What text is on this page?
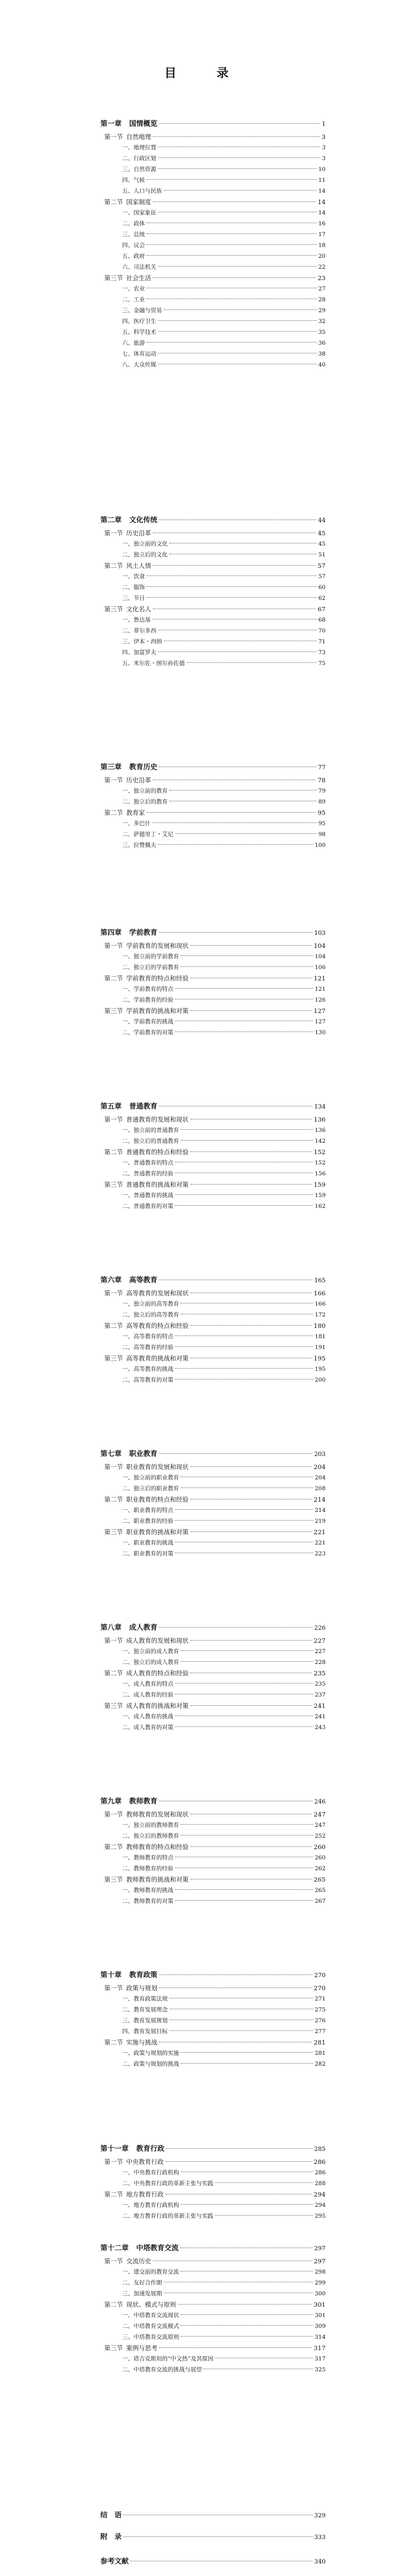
目　录
第一章 国情概览	1
第一节 自然地理	3
一、地理位置	3
二、行政区划	3
三、自然资源	10
四、气候	11
五、人口与民族	14
第二节 国家制度	14
一、国家象征	14
二、政体	16
三、总统	17
四、议会	18
五、政府	20
六、司法机关	22
第三节 社会生活	23
一、农业	27
二、工业	28
三、金融与贸易	29
四、医疗卫生	32
五、科学技术	35
六、旅游	36
七、体育运动	38
八、大众传媒	40
第二章 文化传统	44
第一节 历史沿革	45
一、独立前的文化	45
二、独立后的文化	51
第二节 风土人情	57
一、饮食	57
二、服饰	60
三、节日	62
第三节 文化名人	67
一、鲁达基	68
二、菲尔多西	70
三、伊本・西纳	71
四、加富罗夫	73
五、米尔佐・图尔孙佐德	75
第三章 教育历史	77
第一节 历史沿革	78
一、独立前的教育	79
二、独立后的教育	89
第二节 教育家	95
一、多巴什	95
二、萨德里丁・艾尼	98
三、拉赞佩夫	100
第四章 学前教育	103
第一节 学前教育的发展和现状	104
一、独立前的学前教育	104
二、独立后的学前教育	106
第二节 学前教育的特点和经验	121
一、学前教育的特点	121
二、学前教育的经验	126
第三节 学前教育的挑战和对策	127
一、学前教育的挑战	127
二、学前教育的对策	130
第五章 普通教育	134
第一节 普通教育的发展和现状	136
一、独立前的普通教育	136
二、独立后的普通教育	142
第二节 普通教育的特点和经验	152
一、普通教育的特点	152
二、普通教育的经验	156
第三节 普通教育的挑战和对策	159
一、普通教育的挑战	159
二、普通教育的对策	162
第六章 高等教育	165
第一节 高等教育的发展和现状	166
一、独立前的高等教育	166
二、独立后的高等教育	172
第二节 高等教育的特点和经验	180
一、高等教育的特点	181
二、高等教育的经验	191
第三节 高等教育的挑战和对策	195
一、高等教育的挑战	195
二、高等教育的对策	200
第七章 职业教育	203
第一节 职业教育的发展和现状	204
一、独立前的职业教育	204
二、独立后的职业教育	208
第二节 职业教育的特点和经验	214
一、职业教育的特点	214
二、职业教育的经验	219
第三节 职业教育的挑战和对策	221
一、职业教育的挑战	221
二、职业教育的对策	223
第八章 成人教育	226
第一节 成人教育的发展和现状	227
一、独立前的成人教育	227
二、独立后的成人教育	228
第二节 成人教育的特点和经验	235
一、成人教育的特点	235
二、成人教育的经验	237
第三节 成人教育的挑战和对策	241
一、成人教育的挑战	241
二、成人教育的对策	243
第九章 教师教育	246
第一节 教师教育的发展和现状	247
一、独立前的教师教育	247
二、独立后的教师教育	252
第二节 教师教育的特点和经验	260
一、教师教育的特点	260
二、教师教育的经验	262
第三节 教师教育的挑战和对策	265
一、教师教育的挑战	265
二、教师教育的对策	267
第十章 教育政策	270
第一节 政策与规划	270
一、教育政策法规	271
二、教育发展理念	275
三、教育发展规划	276
四、教育发展目标	277
第二节 实施与挑战	281
一、政策与规划的实施	281
二、政策与规划的挑战	282
第十一章 教育行政	285
第一节 中央教育行政	286
一、中央教育行政机构	286
二、中央教育行政的革新主张与实践	288
第二节 地方教育行政	294
一、地方教育行政机构	294
二、地方教育行政的革新主张与实践	295
第十二章 中塔教育交流	297
第一节 交流历史	297
一、建交前的教育交流	298
二、友好合作期	299
三、加速发展期	300
第二节 现状、模式与原则	301
一、中塔教育交流现状	301
二、中塔教育交流模式	309
三、中塔教育交流原则	314
第三节 案例与思考	317
一、塔吉克斯坦的“中文热”及其原因	317
二、中塔教育交流的挑战与展望	325
结　语	329
附　录	333
参考文献	340
